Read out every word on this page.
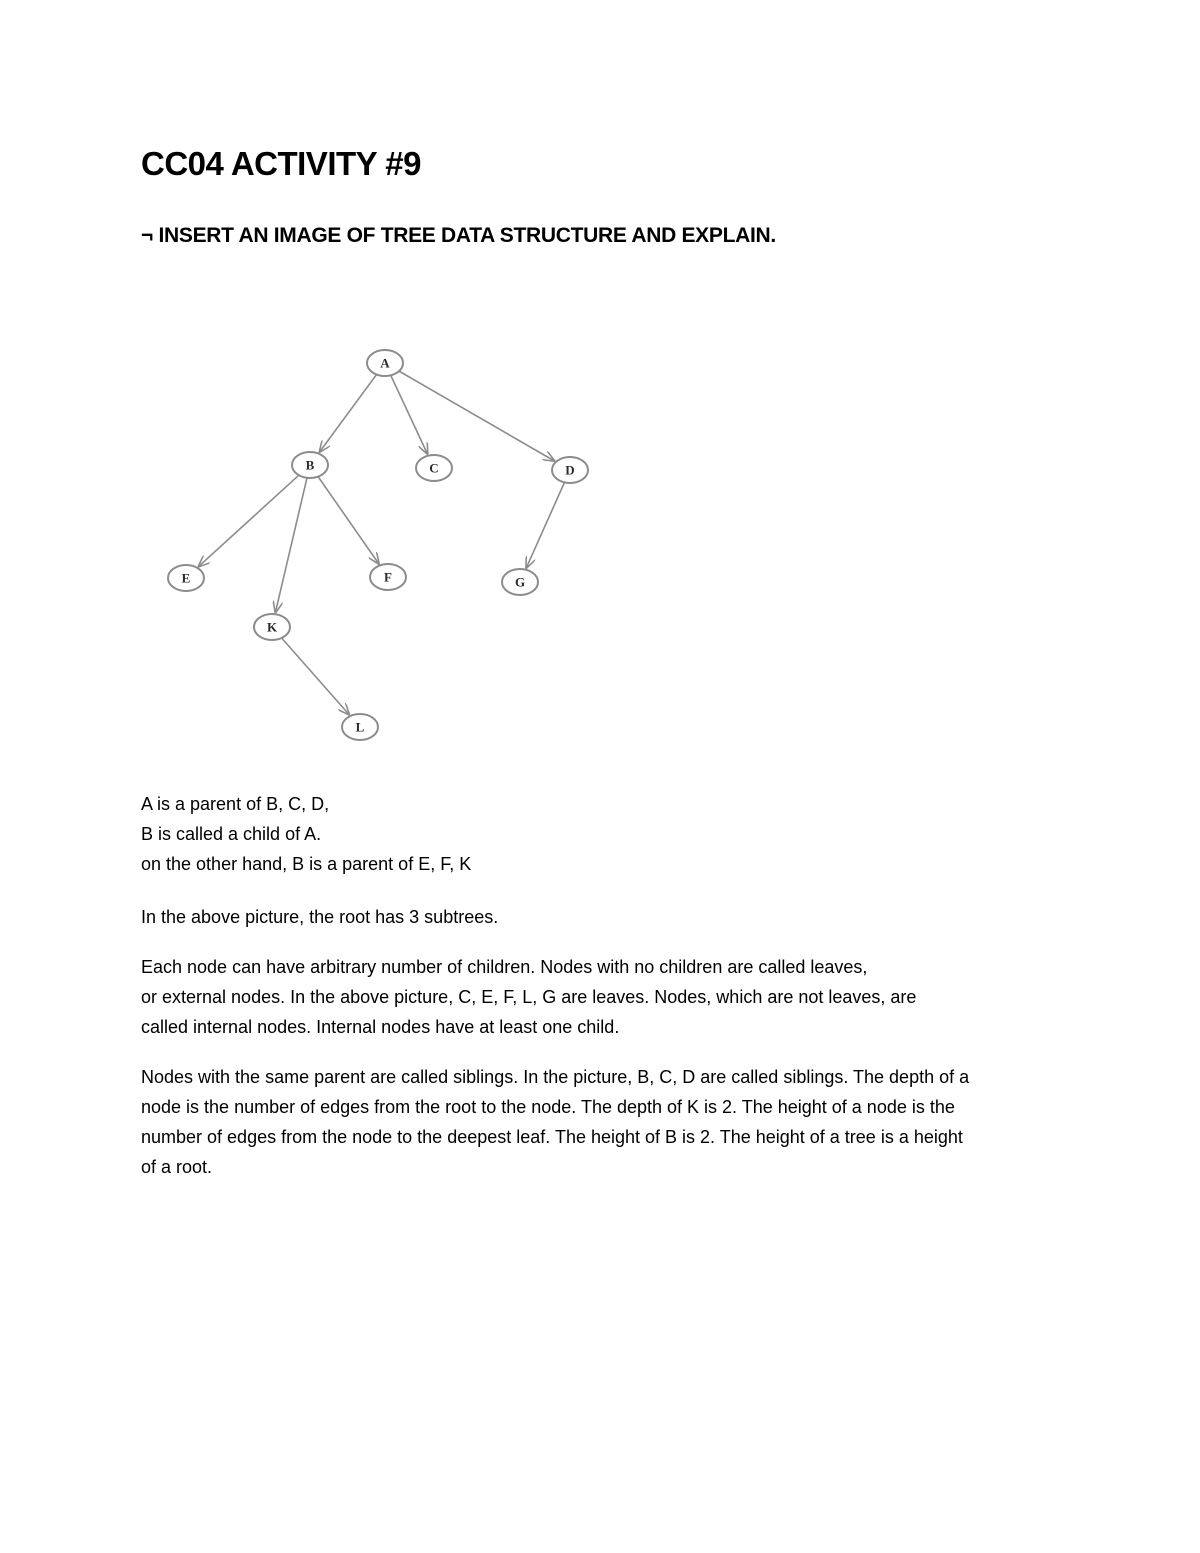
CC04 ACTIVITY #9
¬ INSERT AN IMAGE OF TREE DATA STRUCTURE AND EXPLAIN.
A
B	C	D
E	F
K
G
L
A is a parent of B, C, D,
B is called a child of A.
on the other hand, B is a parent of E, F, K
In the above picture, the root has 3 subtrees.
Each node can have arbitrary number of children. Nodes with no children are called leaves,
or external nodes. In the above picture, C, E, F, L, G are leaves. Nodes, which are not leaves, are
called internal nodes. Internal nodes have at least one child.
Nodes with the same parent are called siblings. In the picture, B, C, D are called siblings. The depth of a
node is the number of edges from the root to the node. The depth of K is 2. The height of a node is the
number of edges from the node to the deepest leaf. The height of B is 2. The height of a tree is a height
of a root.
